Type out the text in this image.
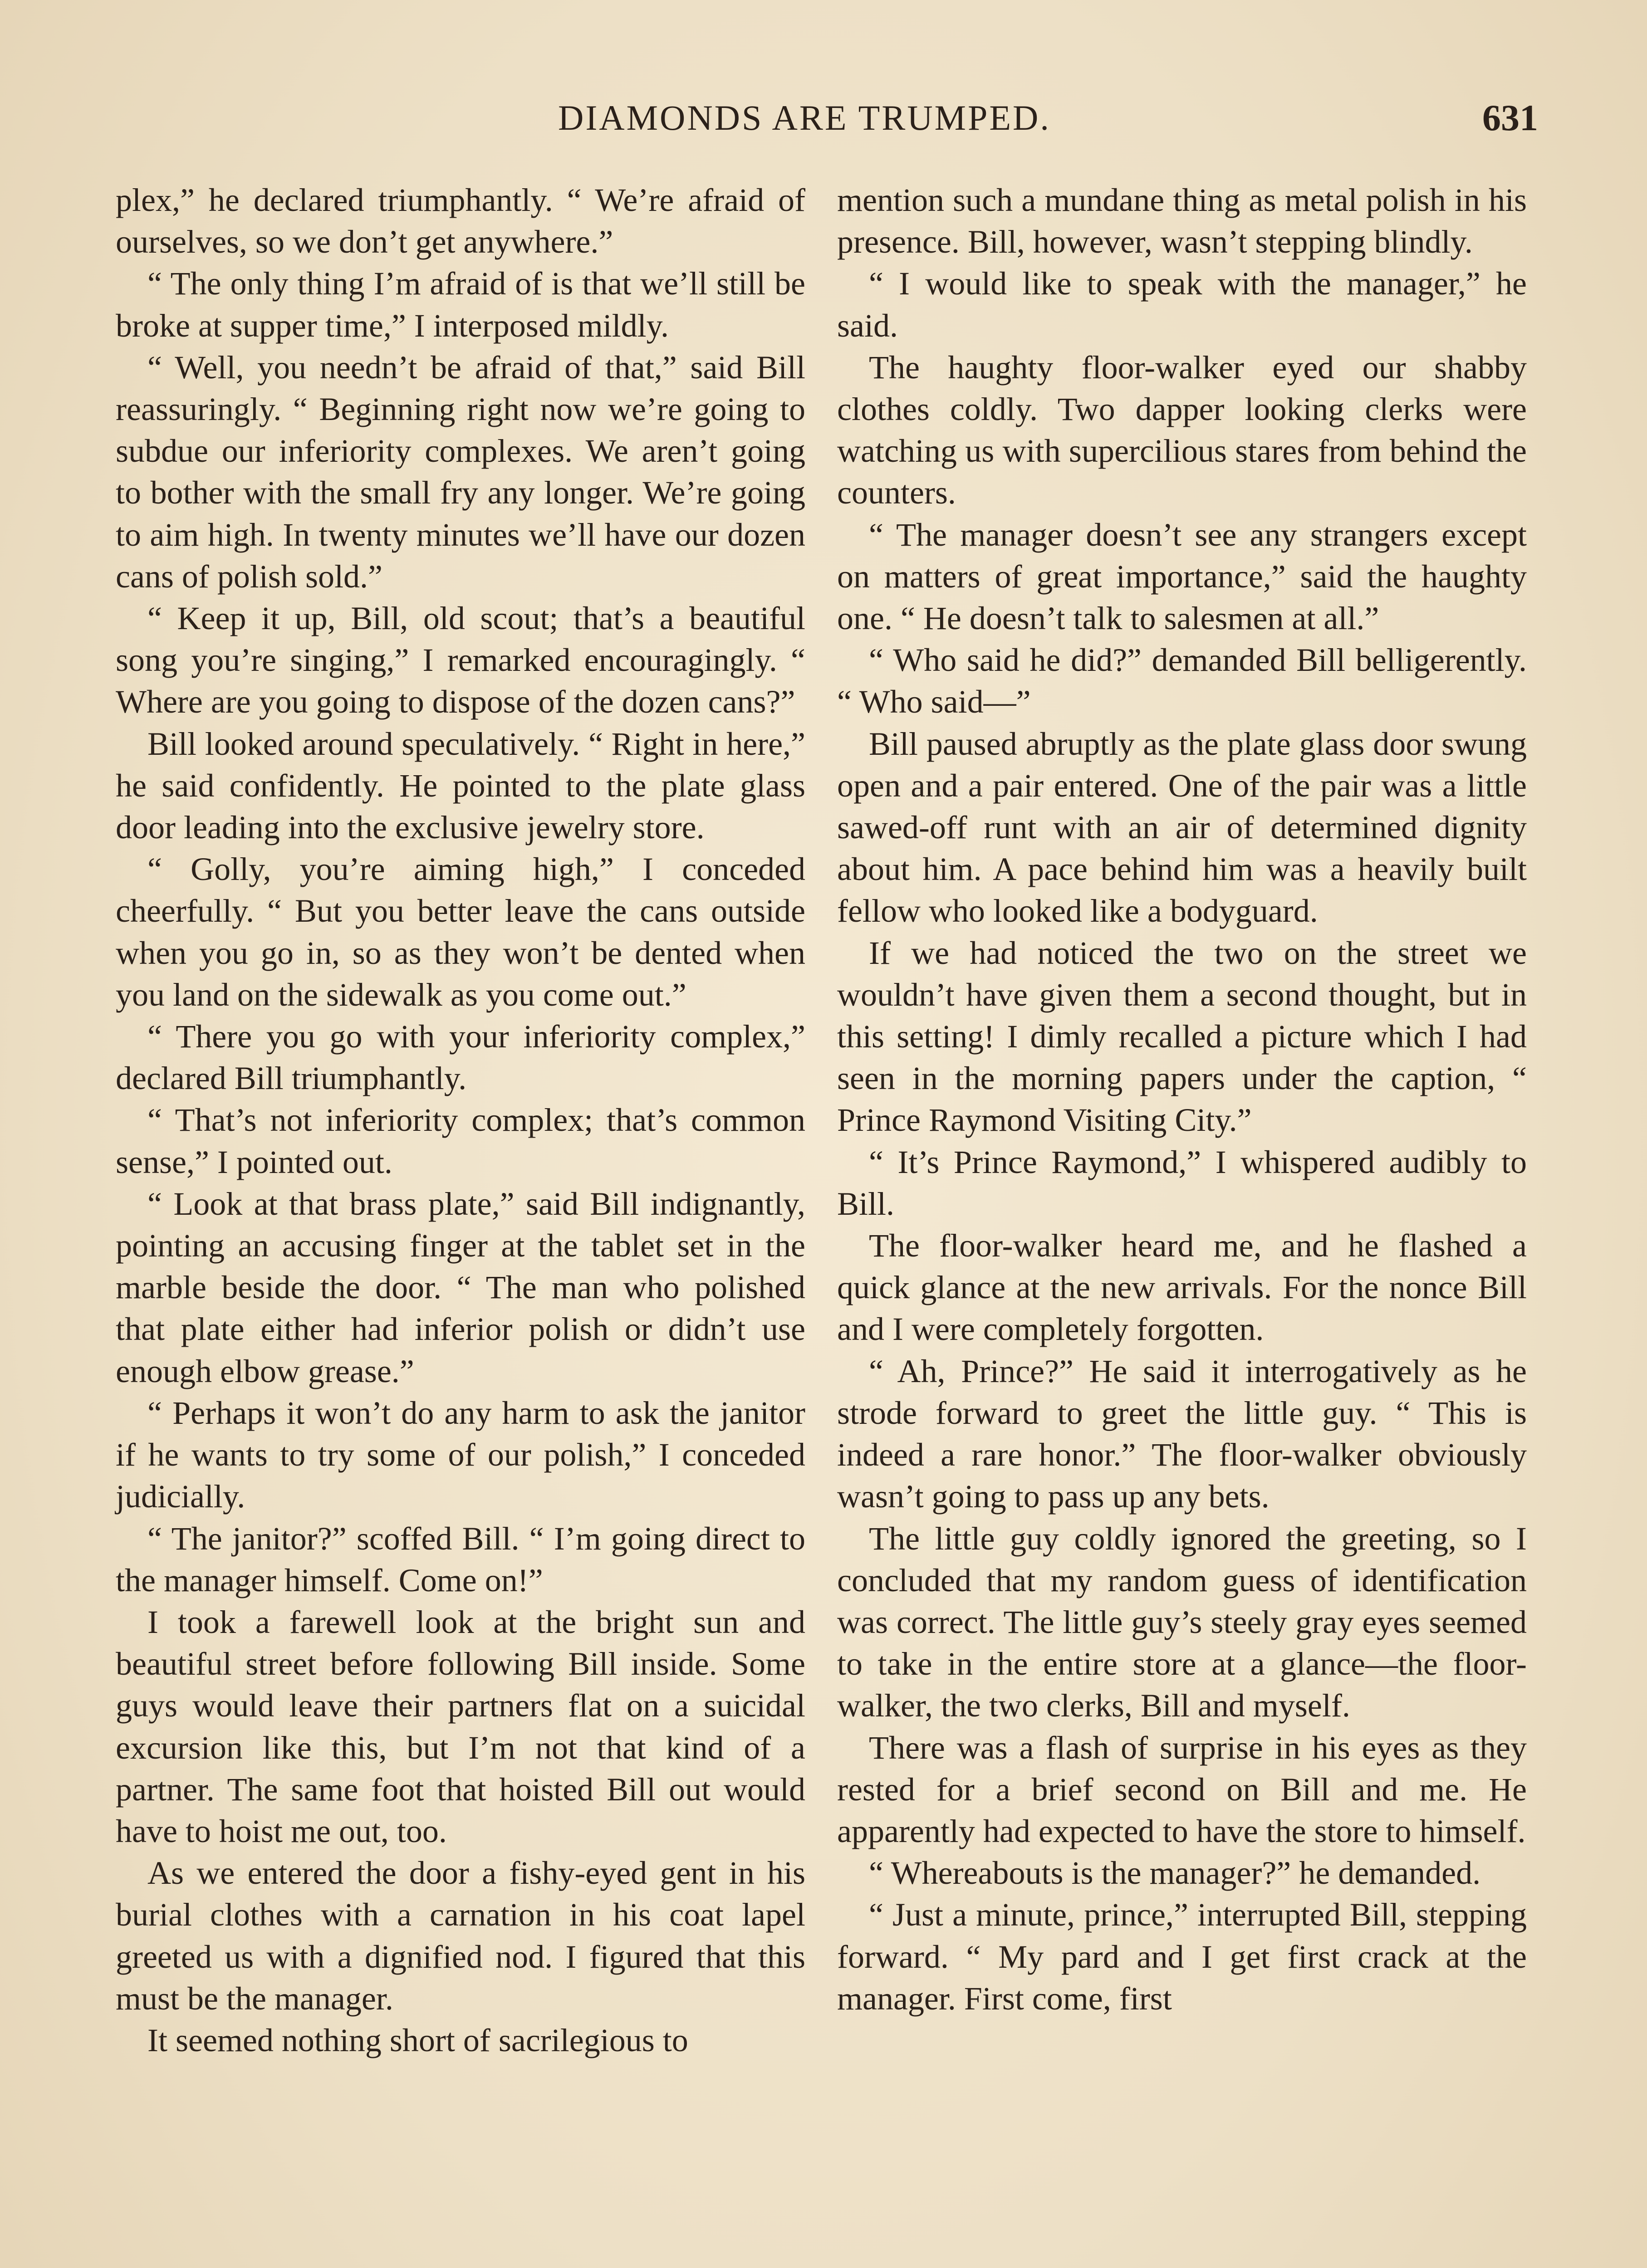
DIAMONDS ARE TRUMPED.	631

plex,” he declared triumphantly. “ We’re afraid of ourselves, so we don’t get anywhere.”

“ The only thing I’m afraid of is that we’ll still be broke at supper time,” I interposed mildly.

“ Well, you needn’t be afraid of that,” said Bill reassuringly. “ Beginning right now we’re going to subdue our inferiority complexes. We aren’t going to bother with the small fry any longer. We’re going to aim high. In twenty minutes we’ll have our dozen cans of polish sold.”

“ Keep it up, Bill, old scout; that’s a beautiful song you’re singing,” I remarked encouragingly. “ Where are you going to dispose of the dozen cans?”

Bill looked around speculatively. “ Right in here,” he said confidently. He pointed to the plate glass door leading into the exclusive jewelry store.

“ Golly, you’re aiming high,” I conceded cheerfully. “ But you better leave the cans outside when you go in, so as they won’t be dented when you land on the sidewalk as you come out.”

“ There you go with your inferiority complex,” declared Bill triumphantly.

“ That’s not inferiority complex; that’s common sense,” I pointed out.

“ Look at that brass plate,” said Bill indignantly, pointing an accusing finger at the tablet set in the marble beside the door. “ The man who polished that plate either had inferior polish or didn’t use enough elbow grease.”

“ Perhaps it won’t do any harm to ask the janitor if he wants to try some of our polish,” I conceded judicially.

“ The janitor?” scoffed Bill. “ I’m going direct to the manager himself. Come on!”

I took a farewell look at the bright sun and beautiful street before following Bill inside. Some guys would leave their partners flat on a suicidal excursion like this, but I’m not that kind of a partner. The same foot that hoisted Bill out would have to hoist me out, too.

As we entered the door a fishy-eyed gent in his burial clothes with a carnation in his coat lapel greeted us with a dignified nod. I figured that this must be the manager.

It seemed nothing short of sacrilegious to

mention such a mundane thing as metal polish in his presence. Bill, however, wasn’t stepping blindly.

“ I would like to speak with the manager,” he said.

The haughty floor-walker eyed our shabby clothes coldly. Two dapper looking clerks were watching us with supercilious stares from behind the counters.

“ The manager doesn’t see any strangers except on matters of great importance,” said the haughty one. “ He doesn’t talk to salesmen at all.”

“ Who said he did?” demanded Bill belligerently. “ Who said—”

Bill paused abruptly as the plate glass door swung open and a pair entered. One of the pair was a little sawed-off runt with an air of determined dignity about him. A pace behind him was a heavily built fellow who looked like a bodyguard.

If we had noticed the two on the street we wouldn’t have given them a second thought, but in this setting! I dimly recalled a picture which I had seen in the morning papers under the caption, “ Prince Raymond Visiting City.”

“ It’s Prince Raymond,” I whispered audibly to Bill.

The floor-walker heard me, and he flashed a quick glance at the new arrivals. For the nonce Bill and I were completely forgotten.

“ Ah, Prince?” He said it interrogatively as he strode forward to greet the little guy. “ This is indeed a rare honor.” The floor-walker obviously wasn’t going to pass up any bets.

The little guy coldly ignored the greeting, so I concluded that my random guess of identification was correct. The little guy’s steely gray eyes seemed to take in the entire store at a glance—the floor-walker, the two clerks, Bill and myself.

There was a flash of surprise in his eyes as they rested for a brief second on Bill and me. He apparently had expected to have the store to himself.

“ Whereabouts is the manager?” he demanded.

“ Just a minute, prince,” interrupted Bill, stepping forward. “ My pard and I get first crack at the manager. First come, first
